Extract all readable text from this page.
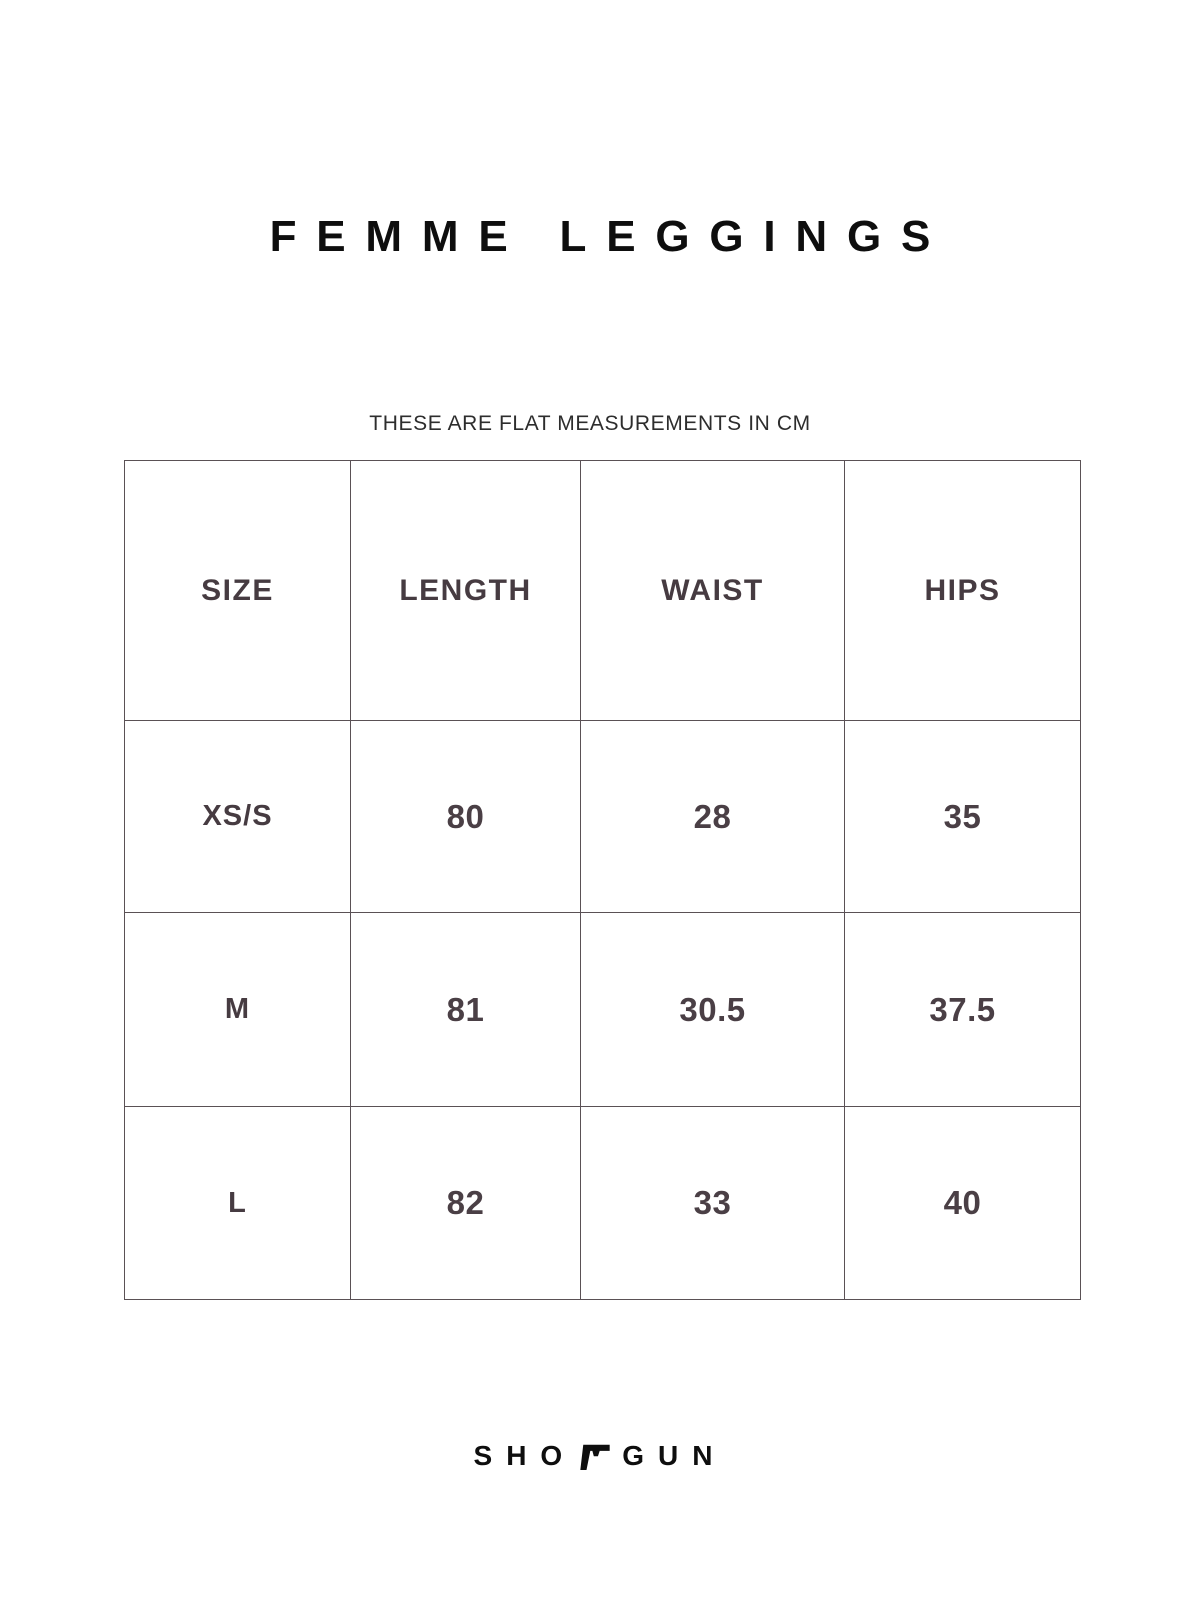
FEMME LEGGINGS
THESE ARE FLAT MEASUREMENTS IN CM
SIZE	LENGTH	WAIST	HIPS
XS/S	80	28	35
M	81	30.5	37.5
L	82	33	40
SHO GUN
